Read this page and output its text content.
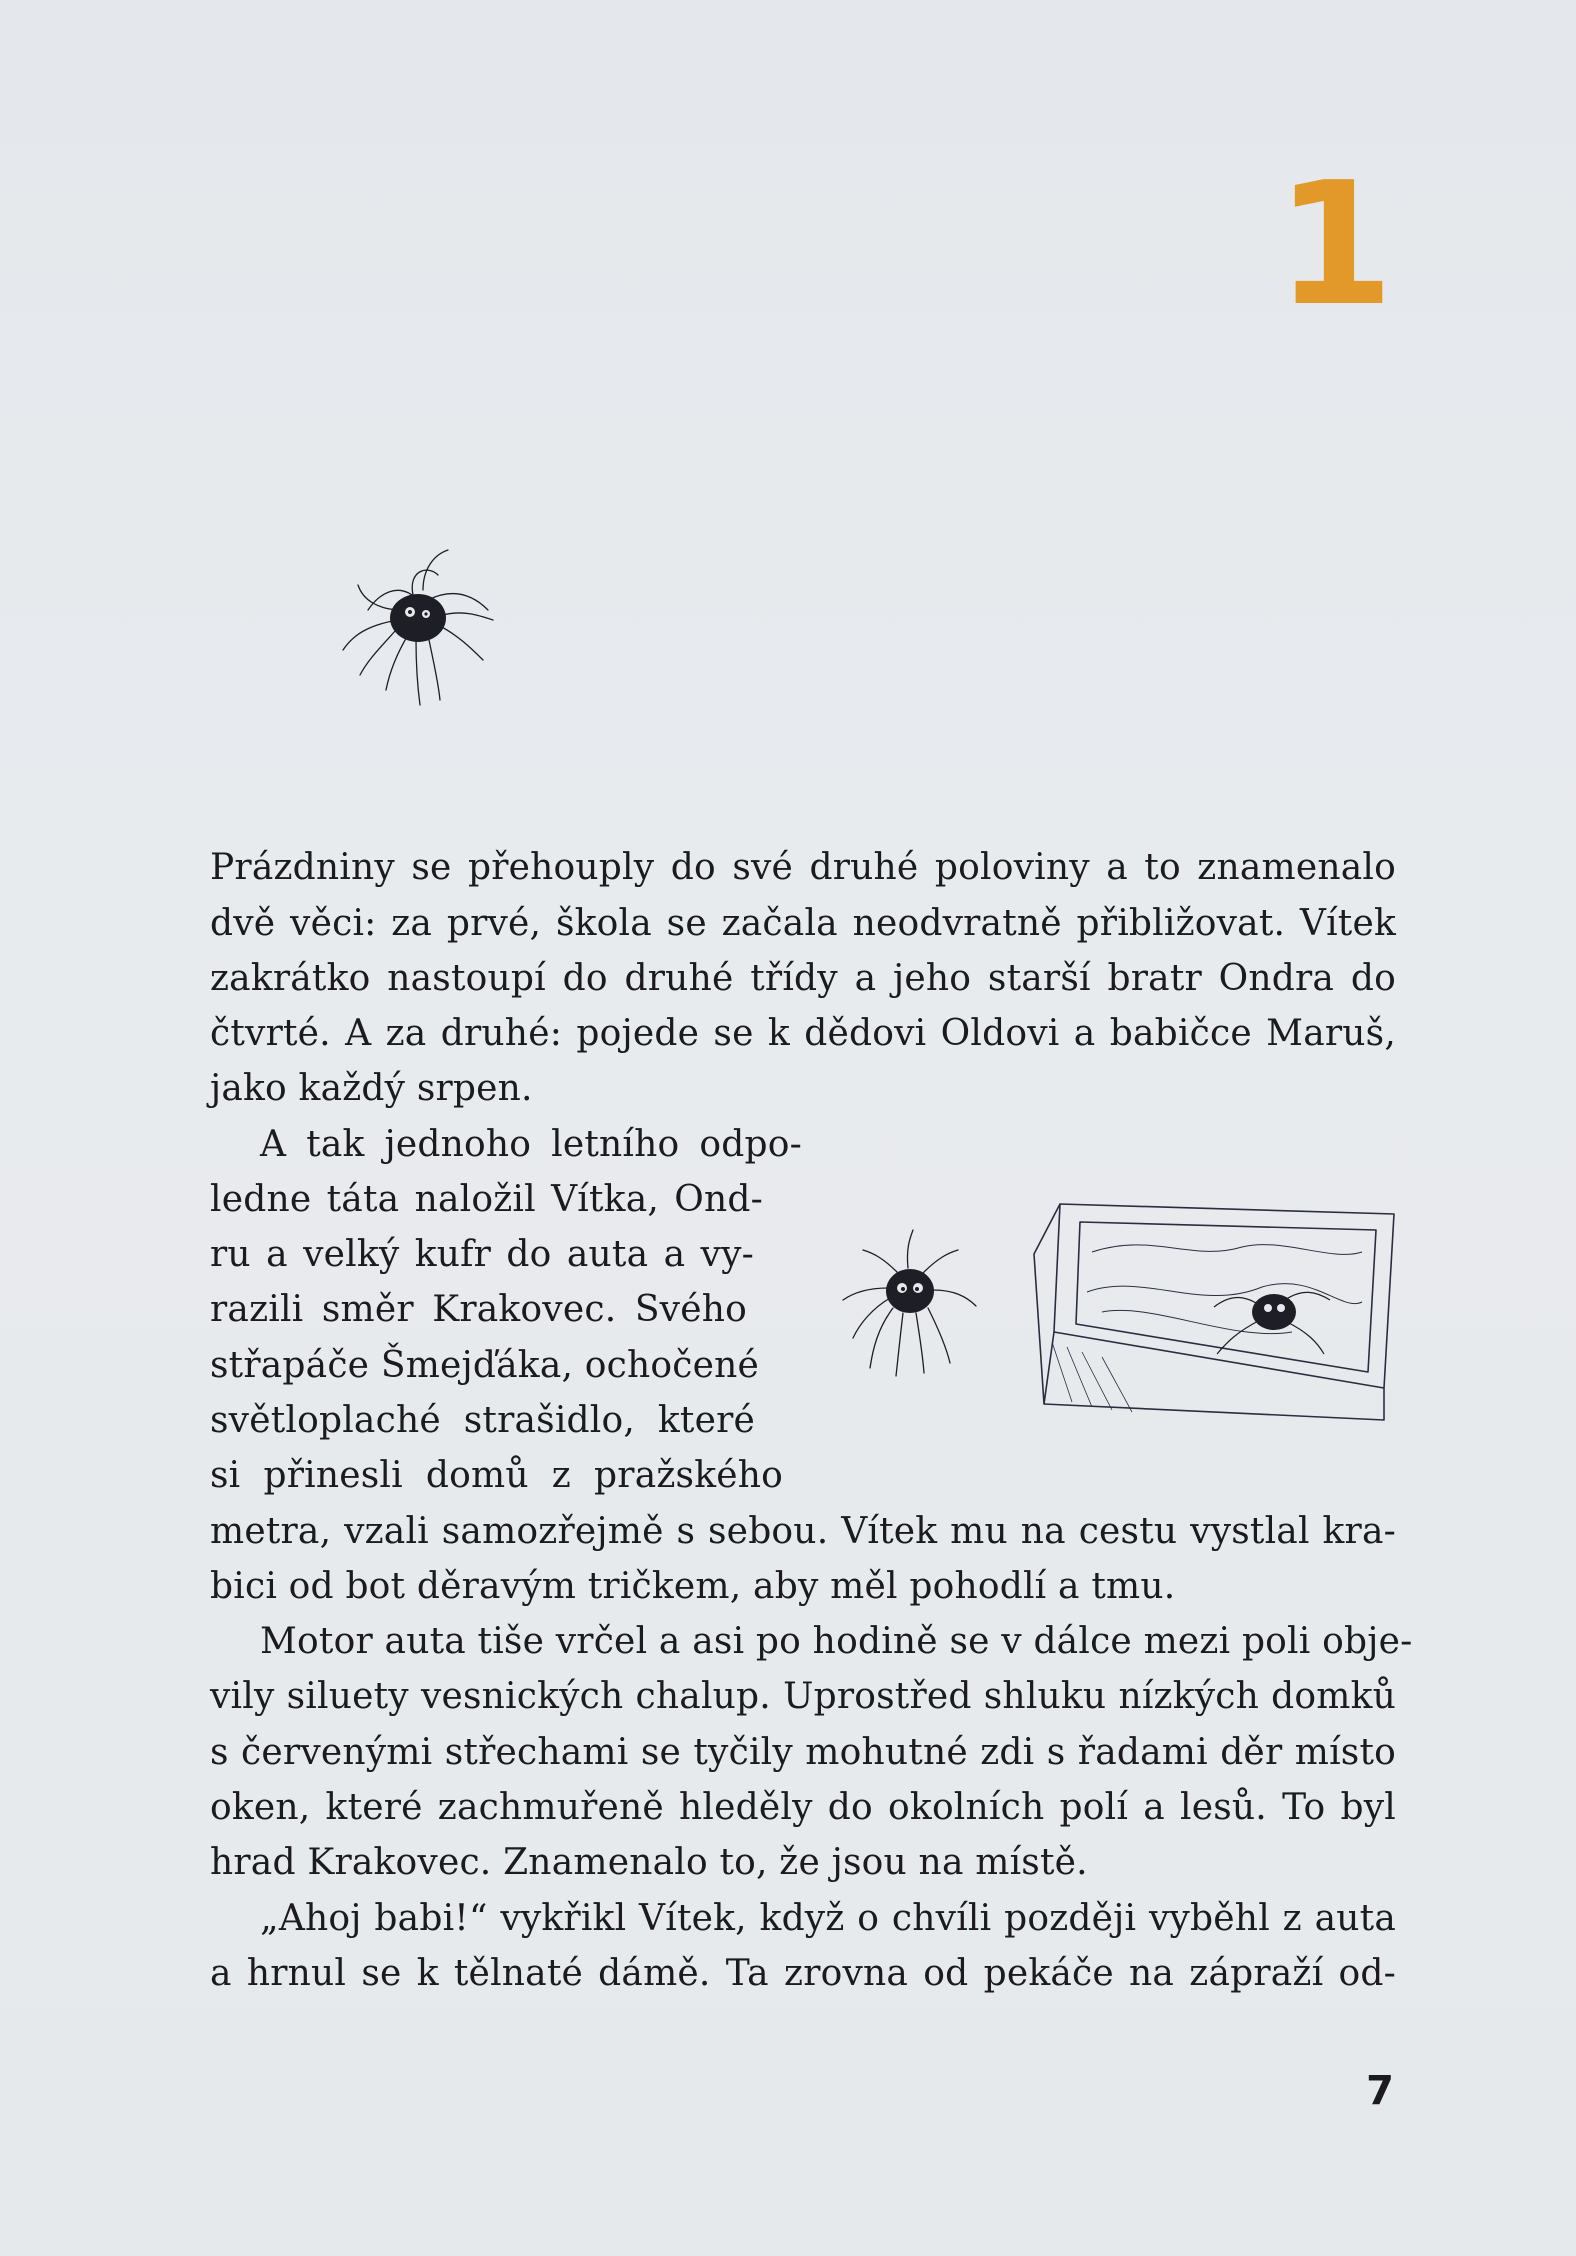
1

Prázdniny se přehouply do své druhé poloviny a to znamenalo

dvě věci: za prvé, škola se začala neodvratně přibližovat. Vítek

zakrátko nastoupí do druhé třídy a jeho starší bratr Ondra do

čtvrté. A za druhé: pojede se k dědovi Oldovi a babičce Maruš,

jako každý srpen.

A tak jednoho letního odpo-

ledne táta naložil Vítka, Ond-

ru a velký kufr do auta a vy-

razili směr Krakovec. Svého

střapáče Šmejďáka, ochočené

světloplaché strašidlo, které

si přinesli domů z pražského

metra, vzali samozřejmě s sebou. Vítek mu na cestu vystlal kra-

bici od bot děravým tričkem, aby měl pohodlí a tmu.

Motor auta tiše vrčel a asi po hodině se v dálce mezi poli obje-

vily siluety vesnických chalup. Uprostřed shluku nízkých domků

s červenými střechami se tyčily mohutné zdi s řadami děr místo

oken, které zachmuřeně hleděly do okolních polí a lesů. To byl

hrad Krakovec. Znamenalo to, že jsou na místě.

„Ahoj babi!“ vykřikl Vítek, když o chvíli později vyběhl z auta

a hrnul se k tělnaté dámě. Ta zrovna od pekáče na zápraží od-

7
